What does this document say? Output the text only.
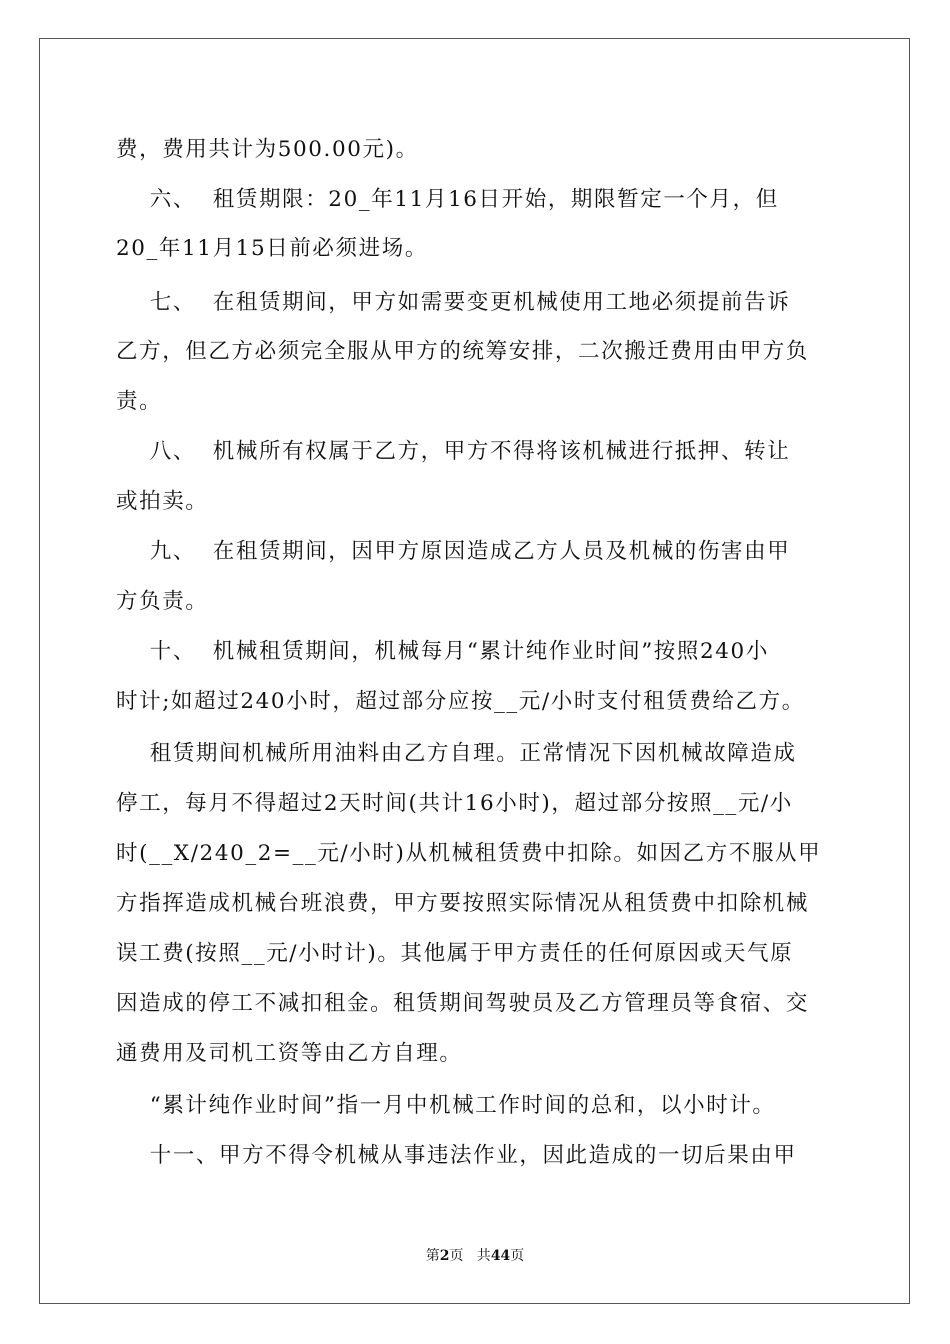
费，费用共计为500.00元)。
六、  租赁期限：20_年11月16日开始，期限暂定一个月，但
20_年11月15日前必须进场。
七、  在租赁期间，甲方如需要变更机械使用工地必须提前告诉
乙方，但乙方必须完全服从甲方的统筹安排，二次搬迁费用由甲方负
责。
八、  机械所有权属于乙方，甲方不得将该机械进行抵押、转让
或拍卖。
九、  在租赁期间，因甲方原因造成乙方人员及机械的伤害由甲
方负责。
十、  机械租赁期间，机械每月“累计纯作业时间”按照240小
时计;如超过240小时，超过部分应按__元/小时支付租赁费给乙方。
租赁期间机械所用油料由乙方自理。正常情况下因机械故障造成
停工，每月不得超过2天时间(共计16小时)，超过部分按照__元/小
时(__X/240_2=__元/小时)从机械租赁费中扣除。如因乙方不服从甲
方指挥造成机械台班浪费，甲方要按照实际情况从租赁费中扣除机械
误工费(按照__元/小时计)。其他属于甲方责任的任何原因或天气原
因造成的停工不减扣租金。租赁期间驾驶员及乙方管理员等食宿、交
通费用及司机工资等由乙方自理。
“累计纯作业时间”指一月中机械工作时间的总和，以小时计。
十一、甲方不得令机械从事违法作业，因此造成的一切后果由甲
第2页   共44页
